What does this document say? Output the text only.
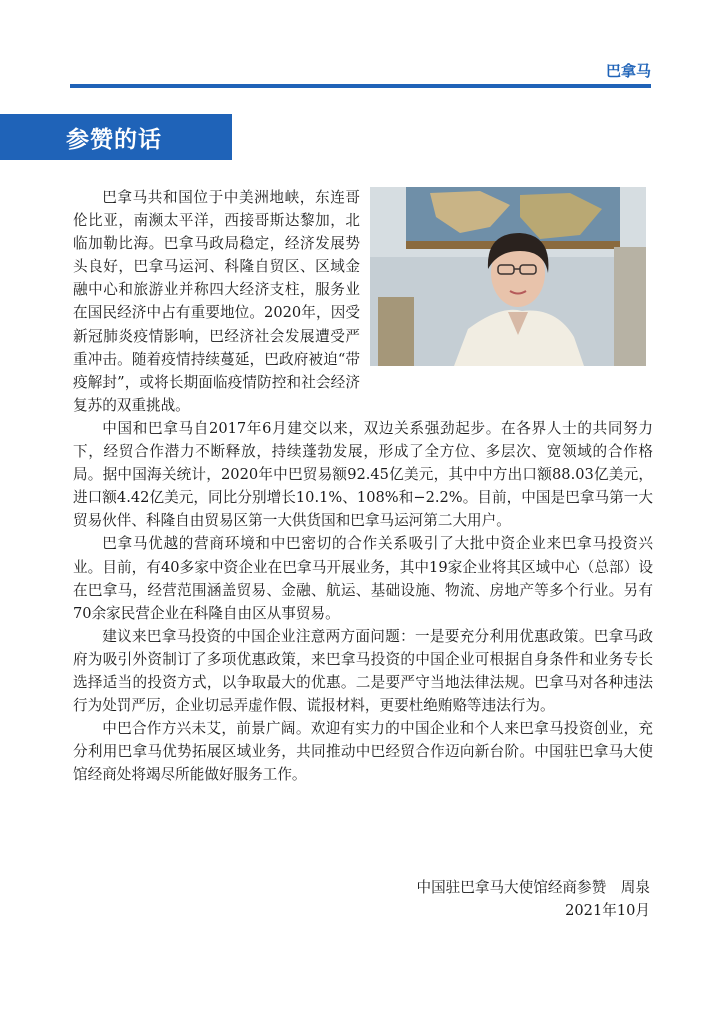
巴拿马
参赞的话

巴拿马共和国位于中美洲地峡，东连哥伦比亚，南濒太平洋，西接哥斯达黎加，北临加勒比海。巴拿马政局稳定，经济发展势头良好，巴拿马运河、科隆自贸区、区域金融中心和旅游业并称四大经济支柱，服务业在国民经济中占有重要地位。2020年，因受新冠肺炎疫情影响，巴经济社会发展遭受严重冲击。随着疫情持续蔓延，巴政府被迫“带疫解封”，或将长期面临疫情防控和社会经济复苏的双重挑战。

中国和巴拿马自2017年6月建交以来，双边关系强劲起步。在各界人士的共同努力下，经贸合作潜力不断释放，持续蓬勃发展，形成了全方位、多层次、宽领域的合作格局。据中国海关统计，2020年中巴贸易额92.45亿美元，其中中方出口额88.03亿美元，进口额4.42亿美元，同比分别增长10.1%、108%和−2.2%。目前，中国是巴拿马第一大贸易伙伴、科隆自由贸易区第一大供货国和巴拿马运河第二大用户。

巴拿马优越的营商环境和中巴密切的合作关系吸引了大批中资企业来巴拿马投资兴业。目前，有40多家中资企业在巴拿马开展业务，其中19家企业将其区域中心（总部）设在巴拿马，经营范围涵盖贸易、金融、航运、基础设施、物流、房地产等多个行业。另有70余家民营企业在科隆自由区从事贸易。

建议来巴拿马投资的中国企业注意两方面问题：一是要充分利用优惠政策。巴拿马政府为吸引外资制订了多项优惠政策，来巴拿马投资的中国企业可根据自身条件和业务专长选择适当的投资方式，以争取最大的优惠。二是要严守当地法律法规。巴拿马对各种违法行为处罚严厉，企业切忌弄虚作假、谎报材料，更要杜绝贿赂等违法行为。

中巴合作方兴未艾，前景广阔。欢迎有实力的中国企业和个人来巴拿马投资创业，充分利用巴拿马优势拓展区域业务，共同推动中巴经贸合作迈向新台阶。中国驻巴拿马大使馆经商处将竭尽所能做好服务工作。

中国驻巴拿马大使馆经商参赞　周泉
2021年10月
